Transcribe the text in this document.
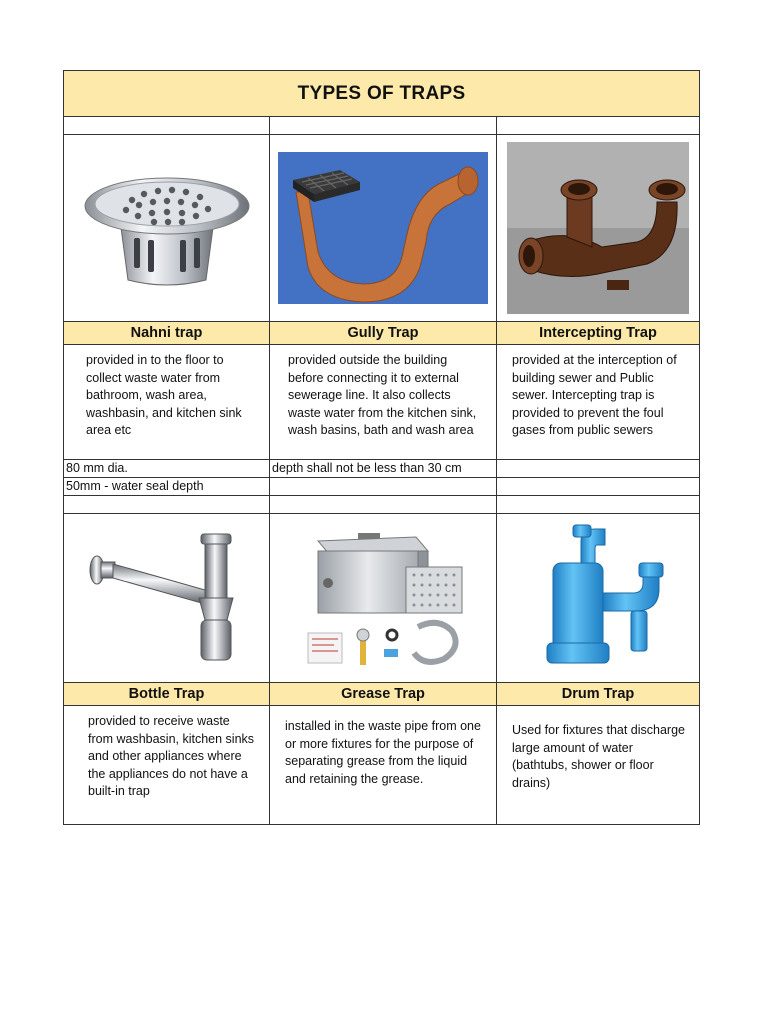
TYPES OF TRAPS		

Nahni trap	Gully Trap	Intercepting Trap
provided in to the floor to collect waste water from bathroom, wash area, washbasin, and kitchen sink area etc	provided outside the building before connecting it to external sewerage line. It also collects waste water from the kitchen sink, wash basins, bath and wash area	provided at the interception of building sewer and Public sewer. Intercepting trap is provided to prevent the foul gases from public sewers
80 mm dia.	depth shall not be less than 30 cm	
50mm - water seal depth		

Bottle Trap	Grease Trap	Drum Trap
provided to receive waste from washbasin, kitchen sinks and other appliances where the appliances do not have a built-in trap	installed in the waste pipe from one or more fixtures for the purpose of separating grease from the liquid and retaining the grease.	Used for fixtures that discharge large amount of water (bathtubs, shower or floor drains)
